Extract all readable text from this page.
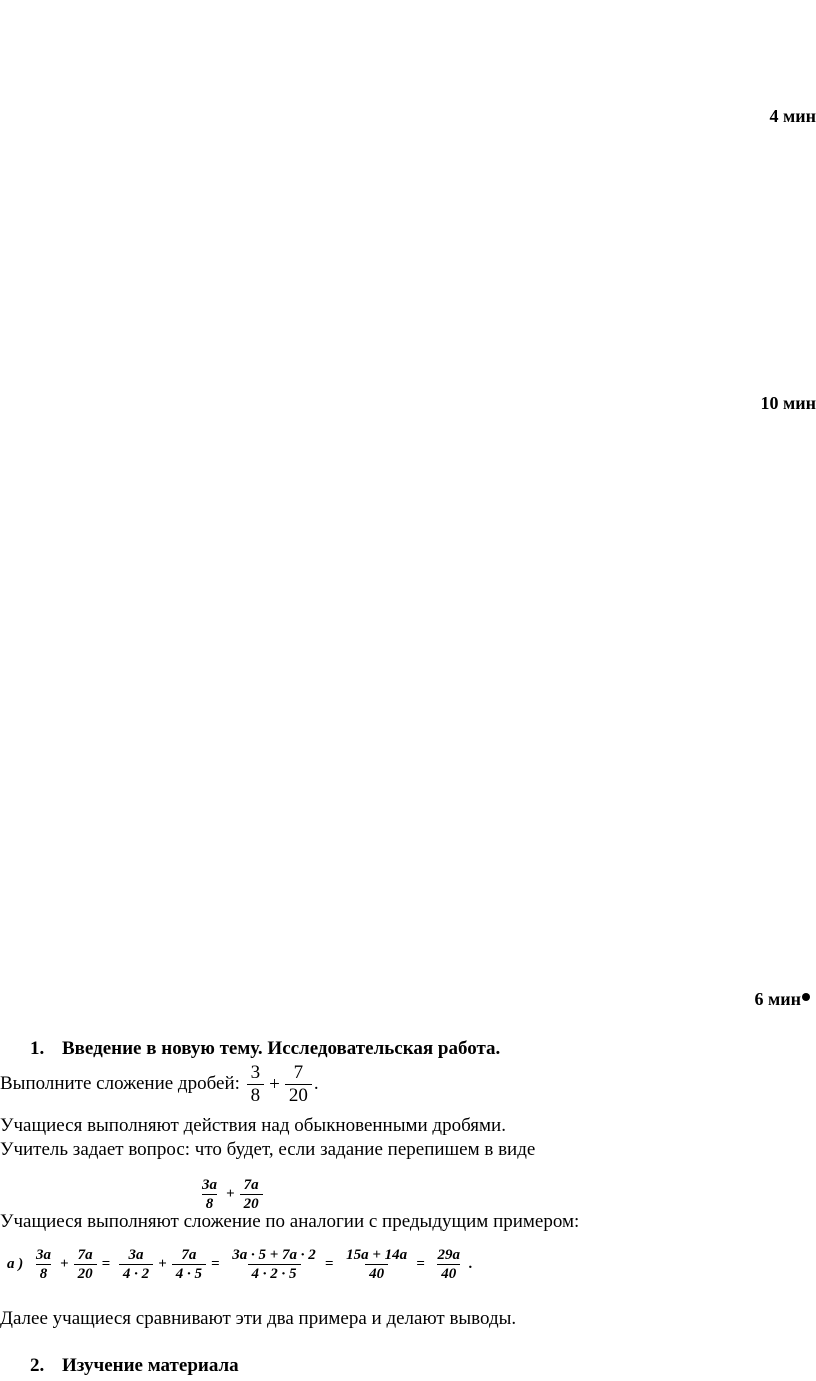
4 мин
10 мин
6 мин
1. Введение в новую тему. Исследовательская работа.
Выполните сложение дробей: $\frac{3}{8} + \frac{7}{20}$ .
Учащиеся выполняют действия над обыкновенными дробями.
Учитель задает вопрос: что будет, если задание перепишем в виде
$\frac{3a}{8} + \frac{7a}{20}$
Учащиеся выполняют сложение по аналогии с предыдущим примером:
a ) $\frac{3a}{8} + \frac{7a}{20} = \frac{3a}{4 \cdot 2} + \frac{7a}{4 \cdot 5} = \frac{3a \cdot 5 + 7a \cdot 2}{4 \cdot 2 \cdot 5} = \frac{15a + 14a}{40} = \frac{29a}{40}$ .
Далее учащиеся сравнивают эти два примера и делают выводы.
2. Изучение материала
